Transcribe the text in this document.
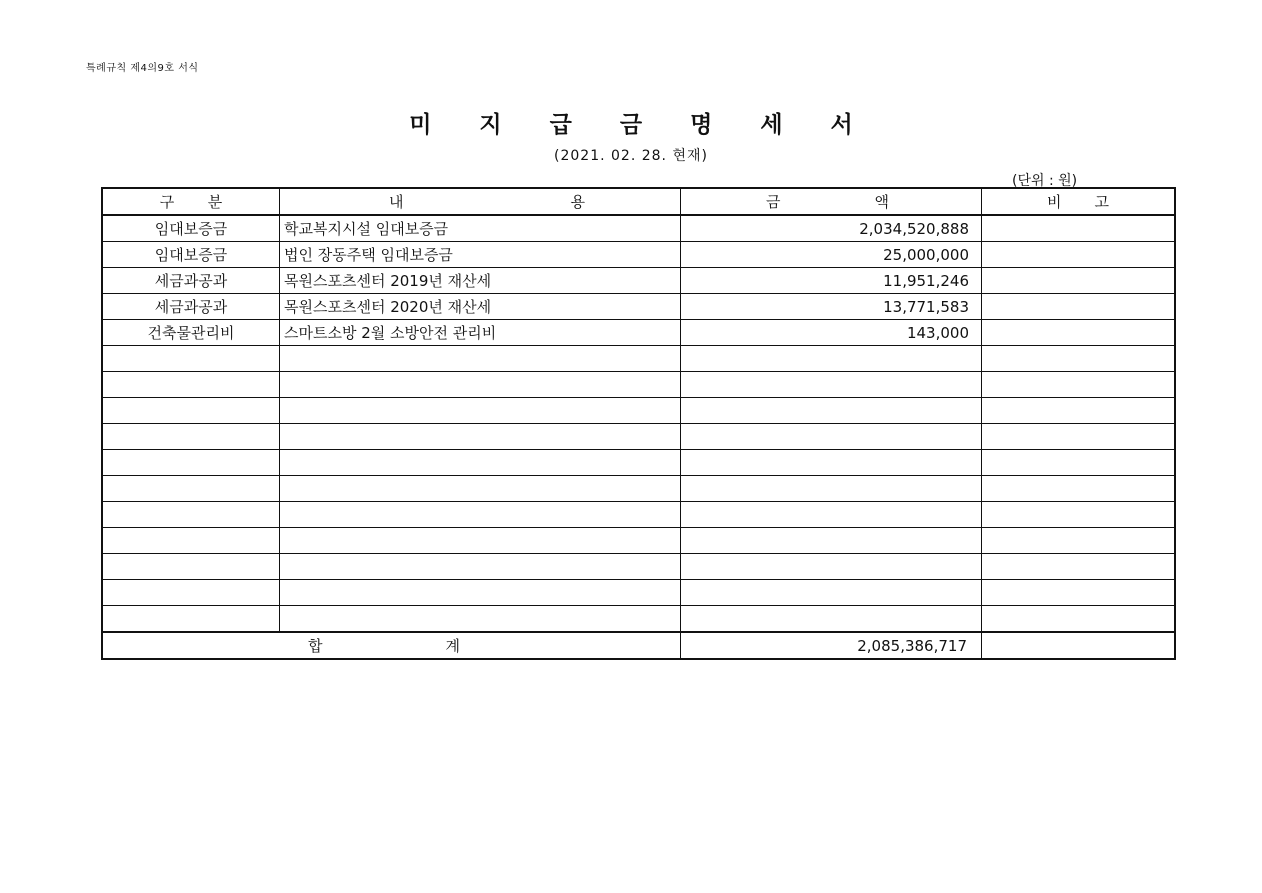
특례규칙 제4의9호 서식
미 지 급 금 명 세 서
(2021. 02. 28. 현재)
(단위 : 원)
구 분	내 용	금 액	비 고

임대보증금	학교복지시설 임대보증금	2,034,520,888	
임대보증금	법인 장동주택 임대보증금	25,000,000	
세금과공과	목원스포츠센터 2019년 재산세	11,951,246	
세금과공과	목원스포츠센터 2020년 재산세	13,771,583	
건축물관리비	스마트소방 2월 소방안전 관리비	143,000	

합 계		2,085,386,717	
